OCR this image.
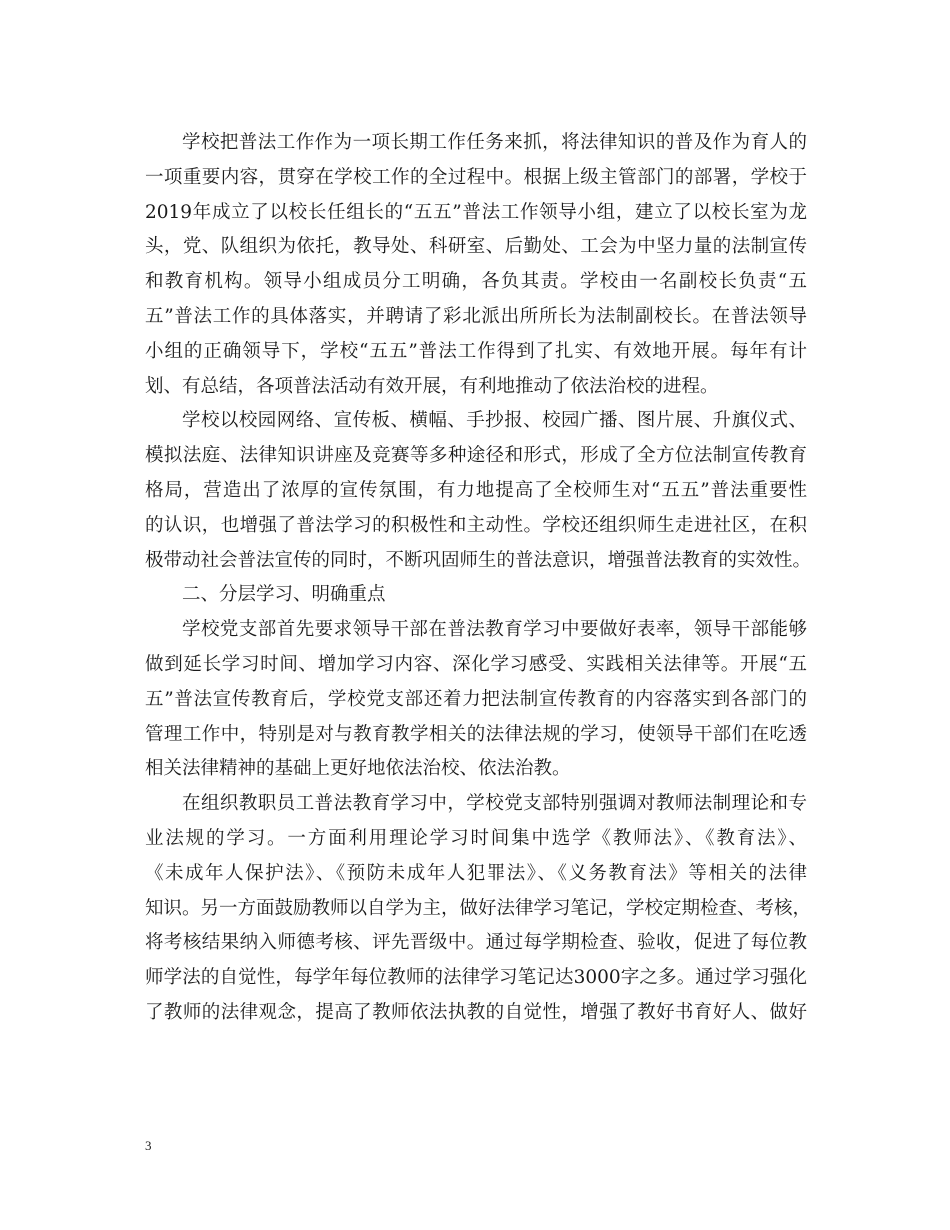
学校把普法工作作为一项长期工作任务来抓，将法律知识的普及作为育人的
一项重要内容，贯穿在学校工作的全过程中。根据上级主管部门的部署，学校于
2019年成立了以校长任组长的“五五”普法工作领导小组，建立了以校长室为龙
头，党、队组织为依托，教导处、科研室、后勤处、工会为中坚力量的法制宣传
和教育机构。领导小组成员分工明确，各负其责。学校由一名副校长负责“五
五”普法工作的具体落实，并聘请了彩北派出所所长为法制副校长。在普法领导
小组的正确领导下，学校“五五”普法工作得到了扎实、有效地开展。每年有计
划、有总结，各项普法活动有效开展，有利地推动了依法治校的进程。
学校以校园网络、宣传板、横幅、手抄报、校园广播、图片展、升旗仪式、
模拟法庭、法律知识讲座及竞赛等多种途径和形式，形成了全方位法制宣传教育
格局，营造出了浓厚的宣传氛围，有力地提高了全校师生对“五五”普法重要性
的认识，也增强了普法学习的积极性和主动性。学校还组织师生走进社区，在积
极带动社会普法宣传的同时，不断巩固师生的普法意识，增强普法教育的实效性。
二、分层学习、明确重点
学校党支部首先要求领导干部在普法教育学习中要做好表率，领导干部能够
做到延长学习时间、增加学习内容、深化学习感受、实践相关法律等。开展“五
五”普法宣传教育后，学校党支部还着力把法制宣传教育的内容落实到各部门的
管理工作中，特别是对与教育教学相关的法律法规的学习，使领导干部们在吃透
相关法律精神的基础上更好地依法治校、依法治教。
在组织教职员工普法教育学习中，学校党支部特别强调对教师法制理论和专
业法规的学习。一方面利用理论学习时间集中选学《教师法》、《教育法》、
《未成年人保护法》、《预防未成年人犯罪法》、《义务教育法》等相关的法律
知识。另一方面鼓励教师以自学为主，做好法律学习笔记，学校定期检查、考核，
将考核结果纳入师德考核、评先晋级中。通过每学期检查、验收，促进了每位教
师学法的自觉性，每学年每位教师的法律学习笔记达3000字之多。通过学习强化
了教师的法律观念，提高了教师依法执教的自觉性，增强了教好书育好人、做好
3
